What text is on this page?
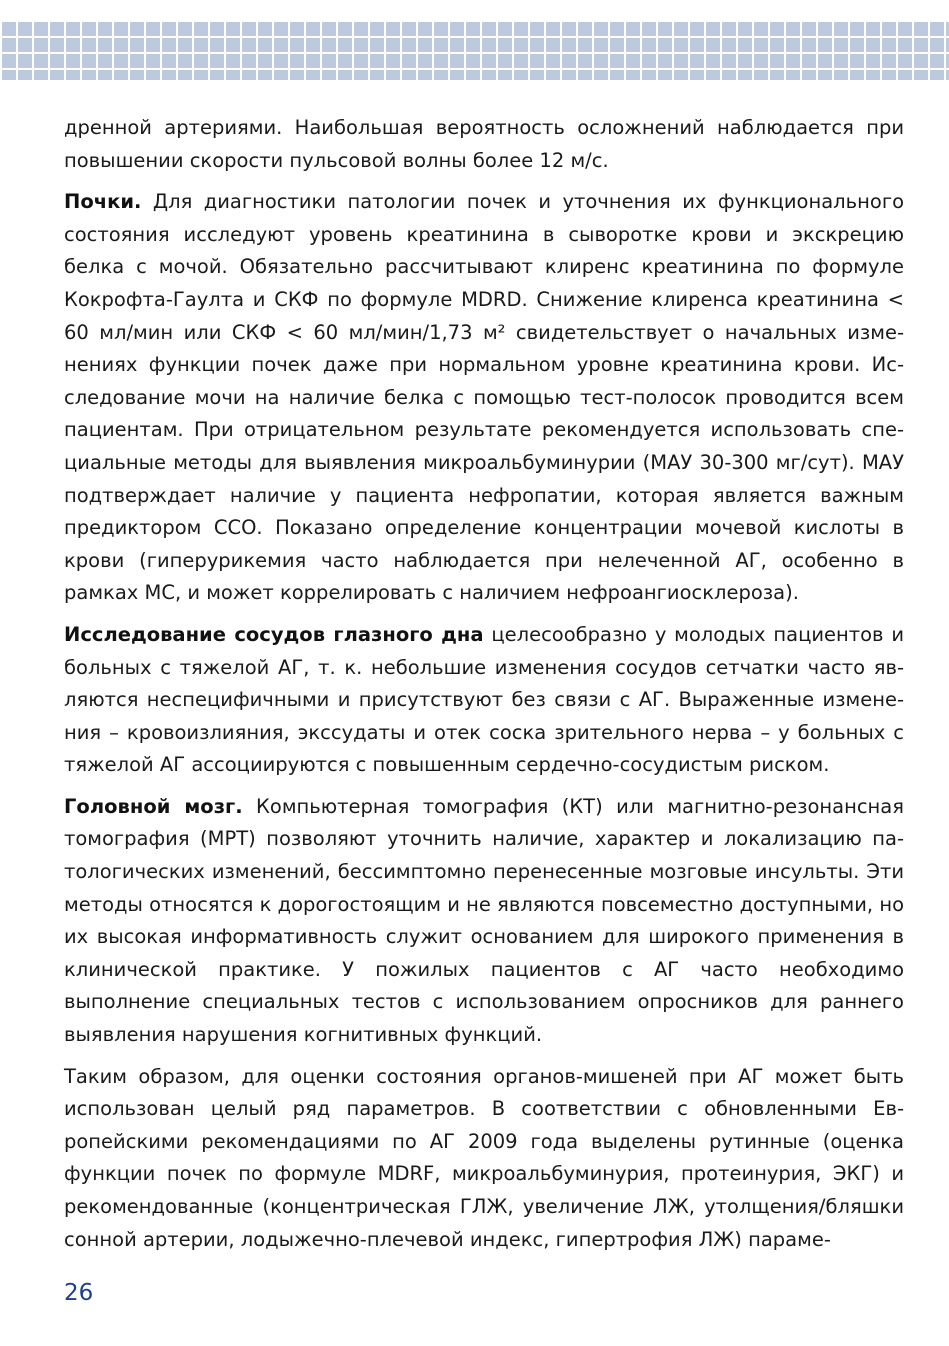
дренной артериями. Наибольшая вероятность осложнений наблюдается при повышении скорости пульсовой волны более 12 м/с.

Почки. Для диагностики патологии почек и уточнения их функционального состояния исследуют уровень креатинина в сыворотке крови и экскрецию белка с мочой. Обязательно рассчитывают клиренс креатинина по формуле Кокрофта-Гаулта и СКФ по формуле MDRD. Снижение клиренса креатинина < 60 мл/мин или СКФ < 60 мл/мин/1,73 м² свидетельствует о начальных изменениях функции почек даже при нормальном уровне креатинина крови. Исследование мочи на наличие белка с помощью тест-полосок проводится всем пациентам. При отрицательном результате рекомендуется использовать специальные методы для выявления микроальбуминурии (МАУ 30-300 мг/сут). МАУ подтверждает наличие у пациента нефропатии, которая является важным предиктором ССО. Показано определение концентрации мочевой кислоты в крови (гиперурикемия часто наблюдается при нелеченной АГ, особенно в рамках МС, и может коррелировать с наличием нефроангиосклероза).

Исследование сосудов глазного дна целесообразно у молодых пациентов и больных с тяжелой АГ, т. к. небольшие изменения сосудов сетчатки часто являются неспецифичными и присутствуют без связи с АГ. Выраженные изменения – кровоизлияния, экссудаты и отек соска зрительного нерва – у больных с тяжелой АГ ассоциируются с повышенным сердечно-сосудистым риском.

Головной мозг. Компьютерная томография (КТ) или магнитно-резонансная томография (МРТ) позволяют уточнить наличие, характер и локализацию патологических изменений, бессимптомно перенесенные мозговые инсульты. Эти методы относятся к дорогостоящим и не являются повсеместно доступными, но их высокая информативность служит основанием для широкого применения в клинической практике. У пожилых пациентов с АГ часто необходимо выполнение специальных тестов с использованием опросников для раннего выявления нарушения когнитивных функций.

Таким образом, для оценки состояния органов-мишеней при АГ может быть использован целый ряд параметров. В соответствии с обновленными Европейскими рекомендациями по АГ 2009 года выделены рутинные (оценка функции почек по формуле MDRF, микроальбуминурия, протеинурия, ЭКГ) и рекомендованные (концентрическая ГЛЖ, увеличение ЛЖ, утолщения/бляшки сонной артерии, лодыжечно-плечевой индекс, гипертрофия ЛЖ) параме-

26
